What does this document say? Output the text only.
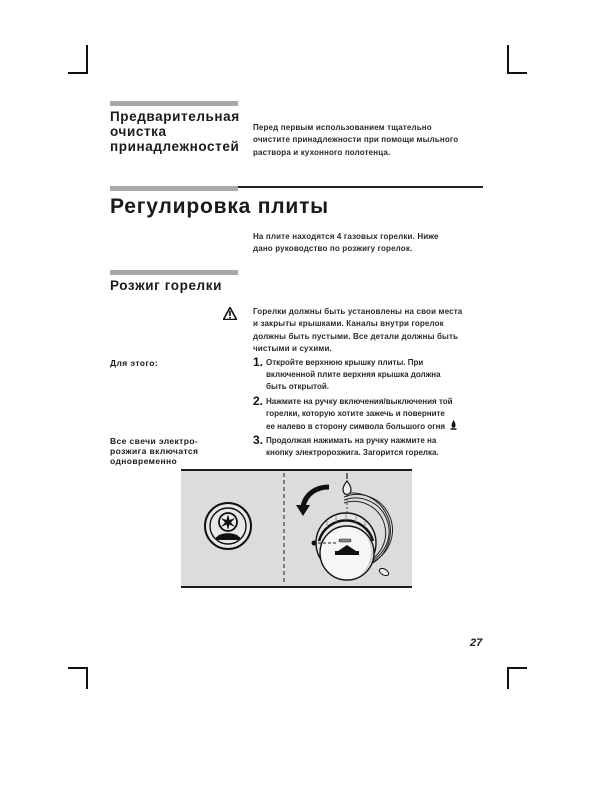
Предварительная
очистка
принадлежностей
Перед первым использованием тщательно
очистите принадлежности при помощи мыльного
раствора и кухонного полотенца.
Регулировка плиты
На плите находятся 4 газовых горелки. Ниже
дано руководство по розжигу горелок.
Розжиг горелки
Горелки должны быть установлены на свои места
и закрыты крышками. Каналы внутри горелок
должны быть пустыми. Все детали должны быть
чистыми и сухими.
Для этого:	1. Откройте верхнюю крышку плиты. При
включенной плите верхняя крышка должна
быть открытой.
2. Нажмите на ручку включения/выключения той
горелки, которую хотите зажечь и поверните
ее налево в сторону символа большого огня
3. Продолжая нажимать на ручку нажмите на
кнопку электророзжига. Загорится горелка.
Все свечи электро-
розжига включатся
одновременно
27
